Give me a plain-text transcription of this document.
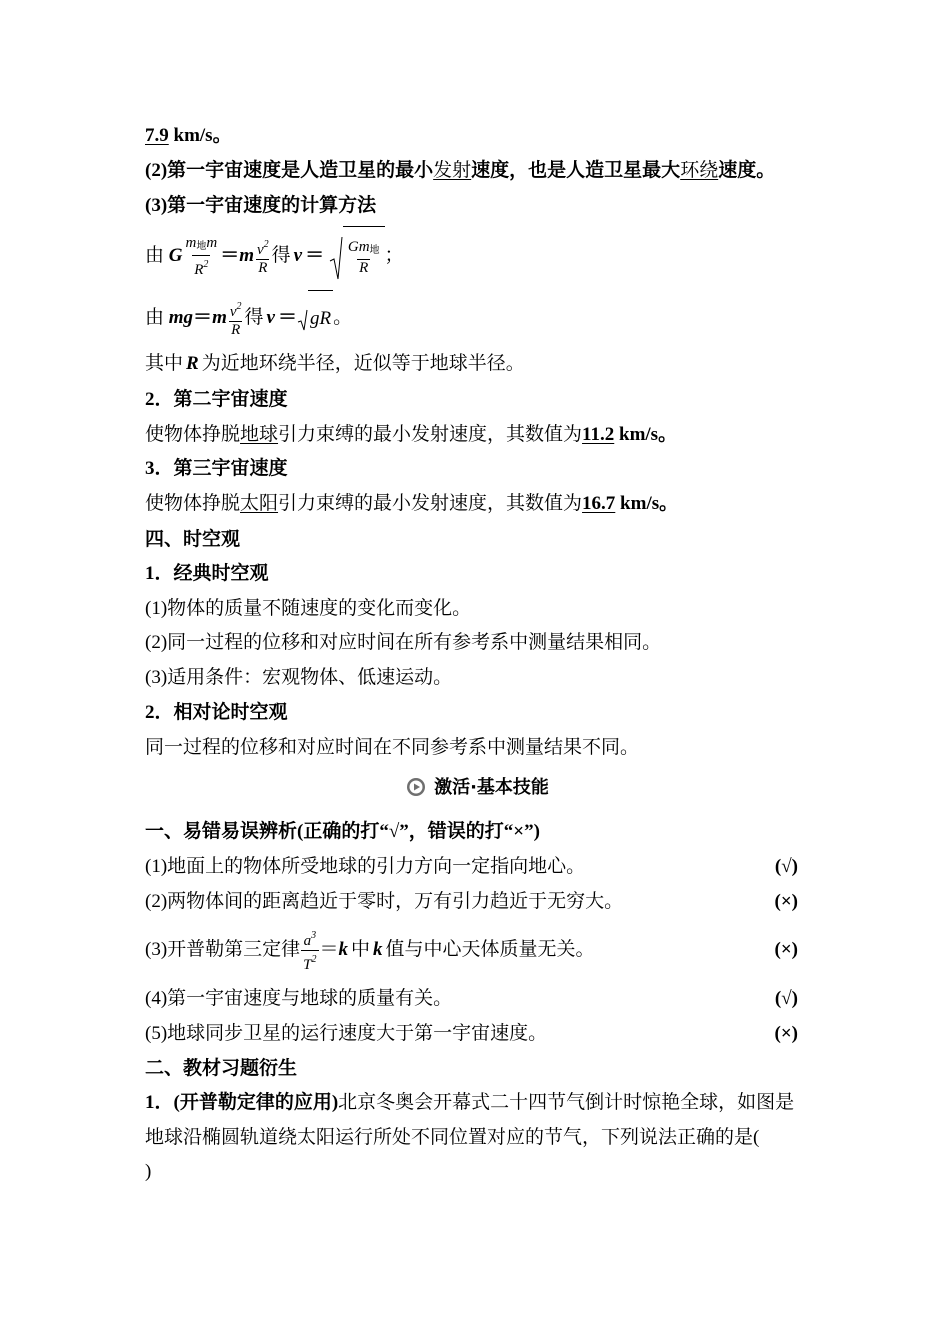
7.9 km/s。
(2)第一宇宙速度是人造卫星的最小发射速度，也是人造卫星最大环绕速度。
(3)第一宇宙速度的计算方法
由 G $\frac{m_地m}{R^2} =m \frac{v^2}{R}$ 得 $v = \frac{Gm_地}{R}$ ；
由 $mg=m \frac{v^2}{R}$ 得 v ＝ gR 。
其中 R 为近地环绕半径，近似等于地球半径。
2．第二宇宙速度
使物体挣脱地球引力束缚的最小发射速度，其数值为11.2 km/s。
3．第三宇宙速度
使物体挣脱太阳引力束缚的最小发射速度，其数值为16.7 km/s。
四、时空观
1．经典时空观
(1)物体的质量不随速度的变化而变化。
(2)同一过程的位移和对应时间在所有参考系中测量结果相同。
(3)适用条件：宏观物体、低速运动。
2．相对论时空观
同一过程的位移和对应时间在不同参考系中测量结果不同。
激活·基本技能
一、易错易误辨析(正确的打“√”，错误的打“×”)
(1)地面上的物体所受地球的引力方向一定指向地心。	(√)
(2)两物体间的距离趋近于零时，万有引力趋近于无穷大。	(×)
(3)开普勒第三定律 $\frac{a^3}{T^2} =k$ 中 k 值与中心天体质量无关。	(×)
(4)第一宇宙速度与地球的质量有关。	(√)
(5)地球同步卫星的运行速度大于第一宇宙速度。	(×)
二、教材习题衍生
1．(开普勒定律的应用)北京冬奥会开幕式二十四节气倒计时惊艳全球，如图是
地球沿椭圆轨道绕太阳运行所处不同位置对应的节气，下列说法正确的是(
)
